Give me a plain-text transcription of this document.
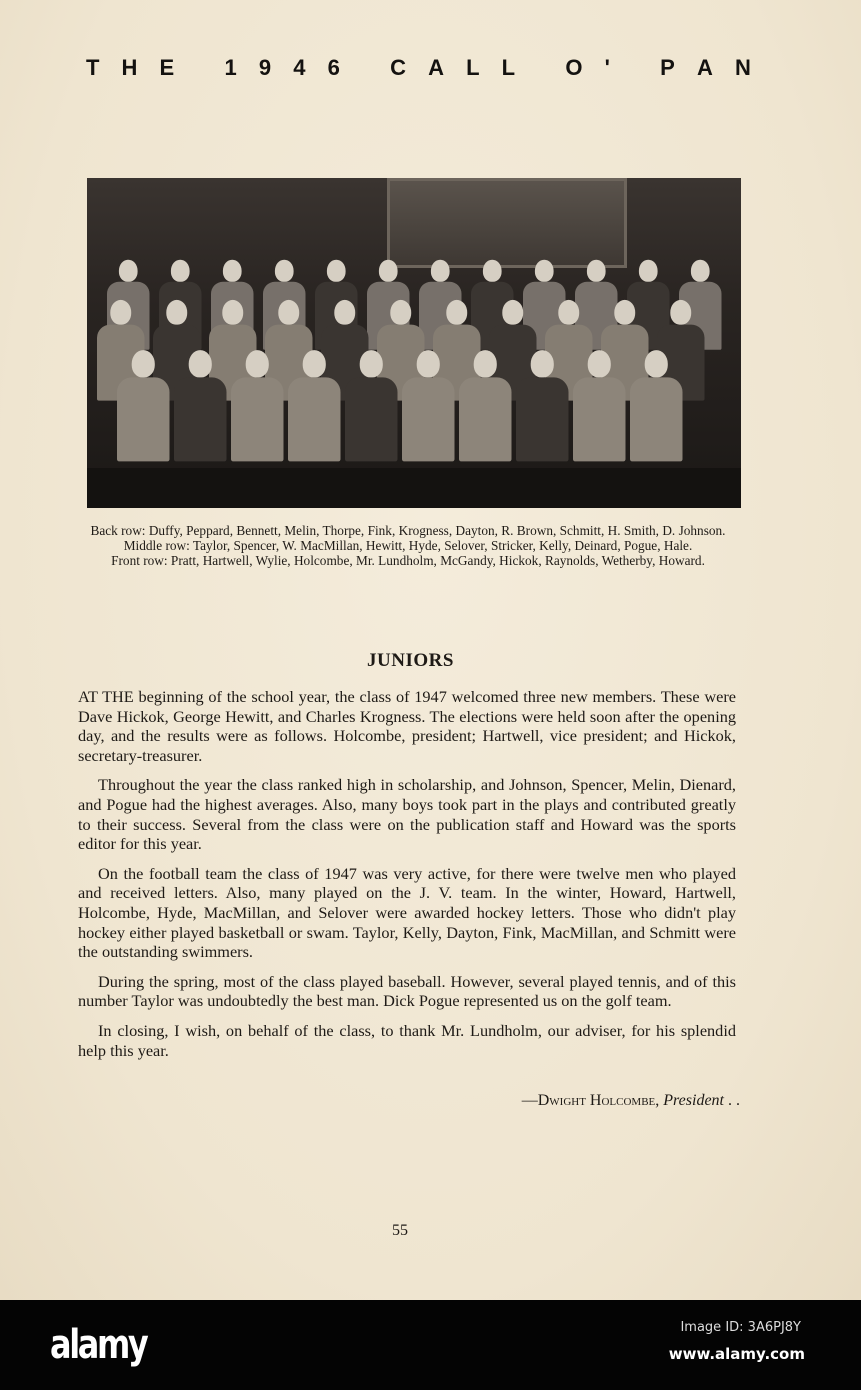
T H E
1 9 4 6
C A L L
O '
P A N

Back row: Duffy, Peppard, Bennett, Melin, Thorpe, Fink, Krogness, Dayton, R. Brown, Schmitt, H. Smith, D. Johnson.

Middle row: Taylor, Spencer, W. MacMillan, Hewitt, Hyde, Selover, Stricker, Kelly, Deinard, Pogue, Hale.

Front row: Pratt, Hartwell, Wylie, Holcombe, Mr. Lundholm, McGandy, Hickok, Raynolds, Wetherby, Howard.

JUNIORS

AT THE beginning of the school year, the class of 1947 welcomed three new members. These were Dave Hickok, George Hewitt, and Charles Krogness. The elections were held soon after the opening day, and the results were as follows. Holcombe, president; Hartwell, vice president; and Hickok, secretary-treasurer.

Throughout the year the class ranked high in scholarship, and Johnson, Spencer, Melin, Dienard, and Pogue had the highest averages. Also, many boys took part in the plays and contributed greatly to their success. Several from the class were on the publication staff and Howard was the sports editor for this year.

On the football team the class of 1947 was very active, for there were twelve men who played and received letters. Also, many played on the J. V. team. In the winter, Howard, Hartwell, Holcombe, Hyde, MacMillan, and Selover were awarded hockey letters. Those who didn't play hockey either played basketball or swam. Taylor, Kelly, Dayton, Fink, MacMillan, and Schmitt were the outstanding swimmers.

During the spring, most of the class played baseball. However, several played tennis, and of this number Taylor was undoubtedly the best man. Dick Pogue represented us on the golf team.

In closing, I wish, on behalf of the class, to thank Mr. Lundholm, our adviser, for his splendid help this year.

—Dwight Holcombe, President . .
55
alamy	Image ID: 3A6PJ8Y
www.alamy.com
